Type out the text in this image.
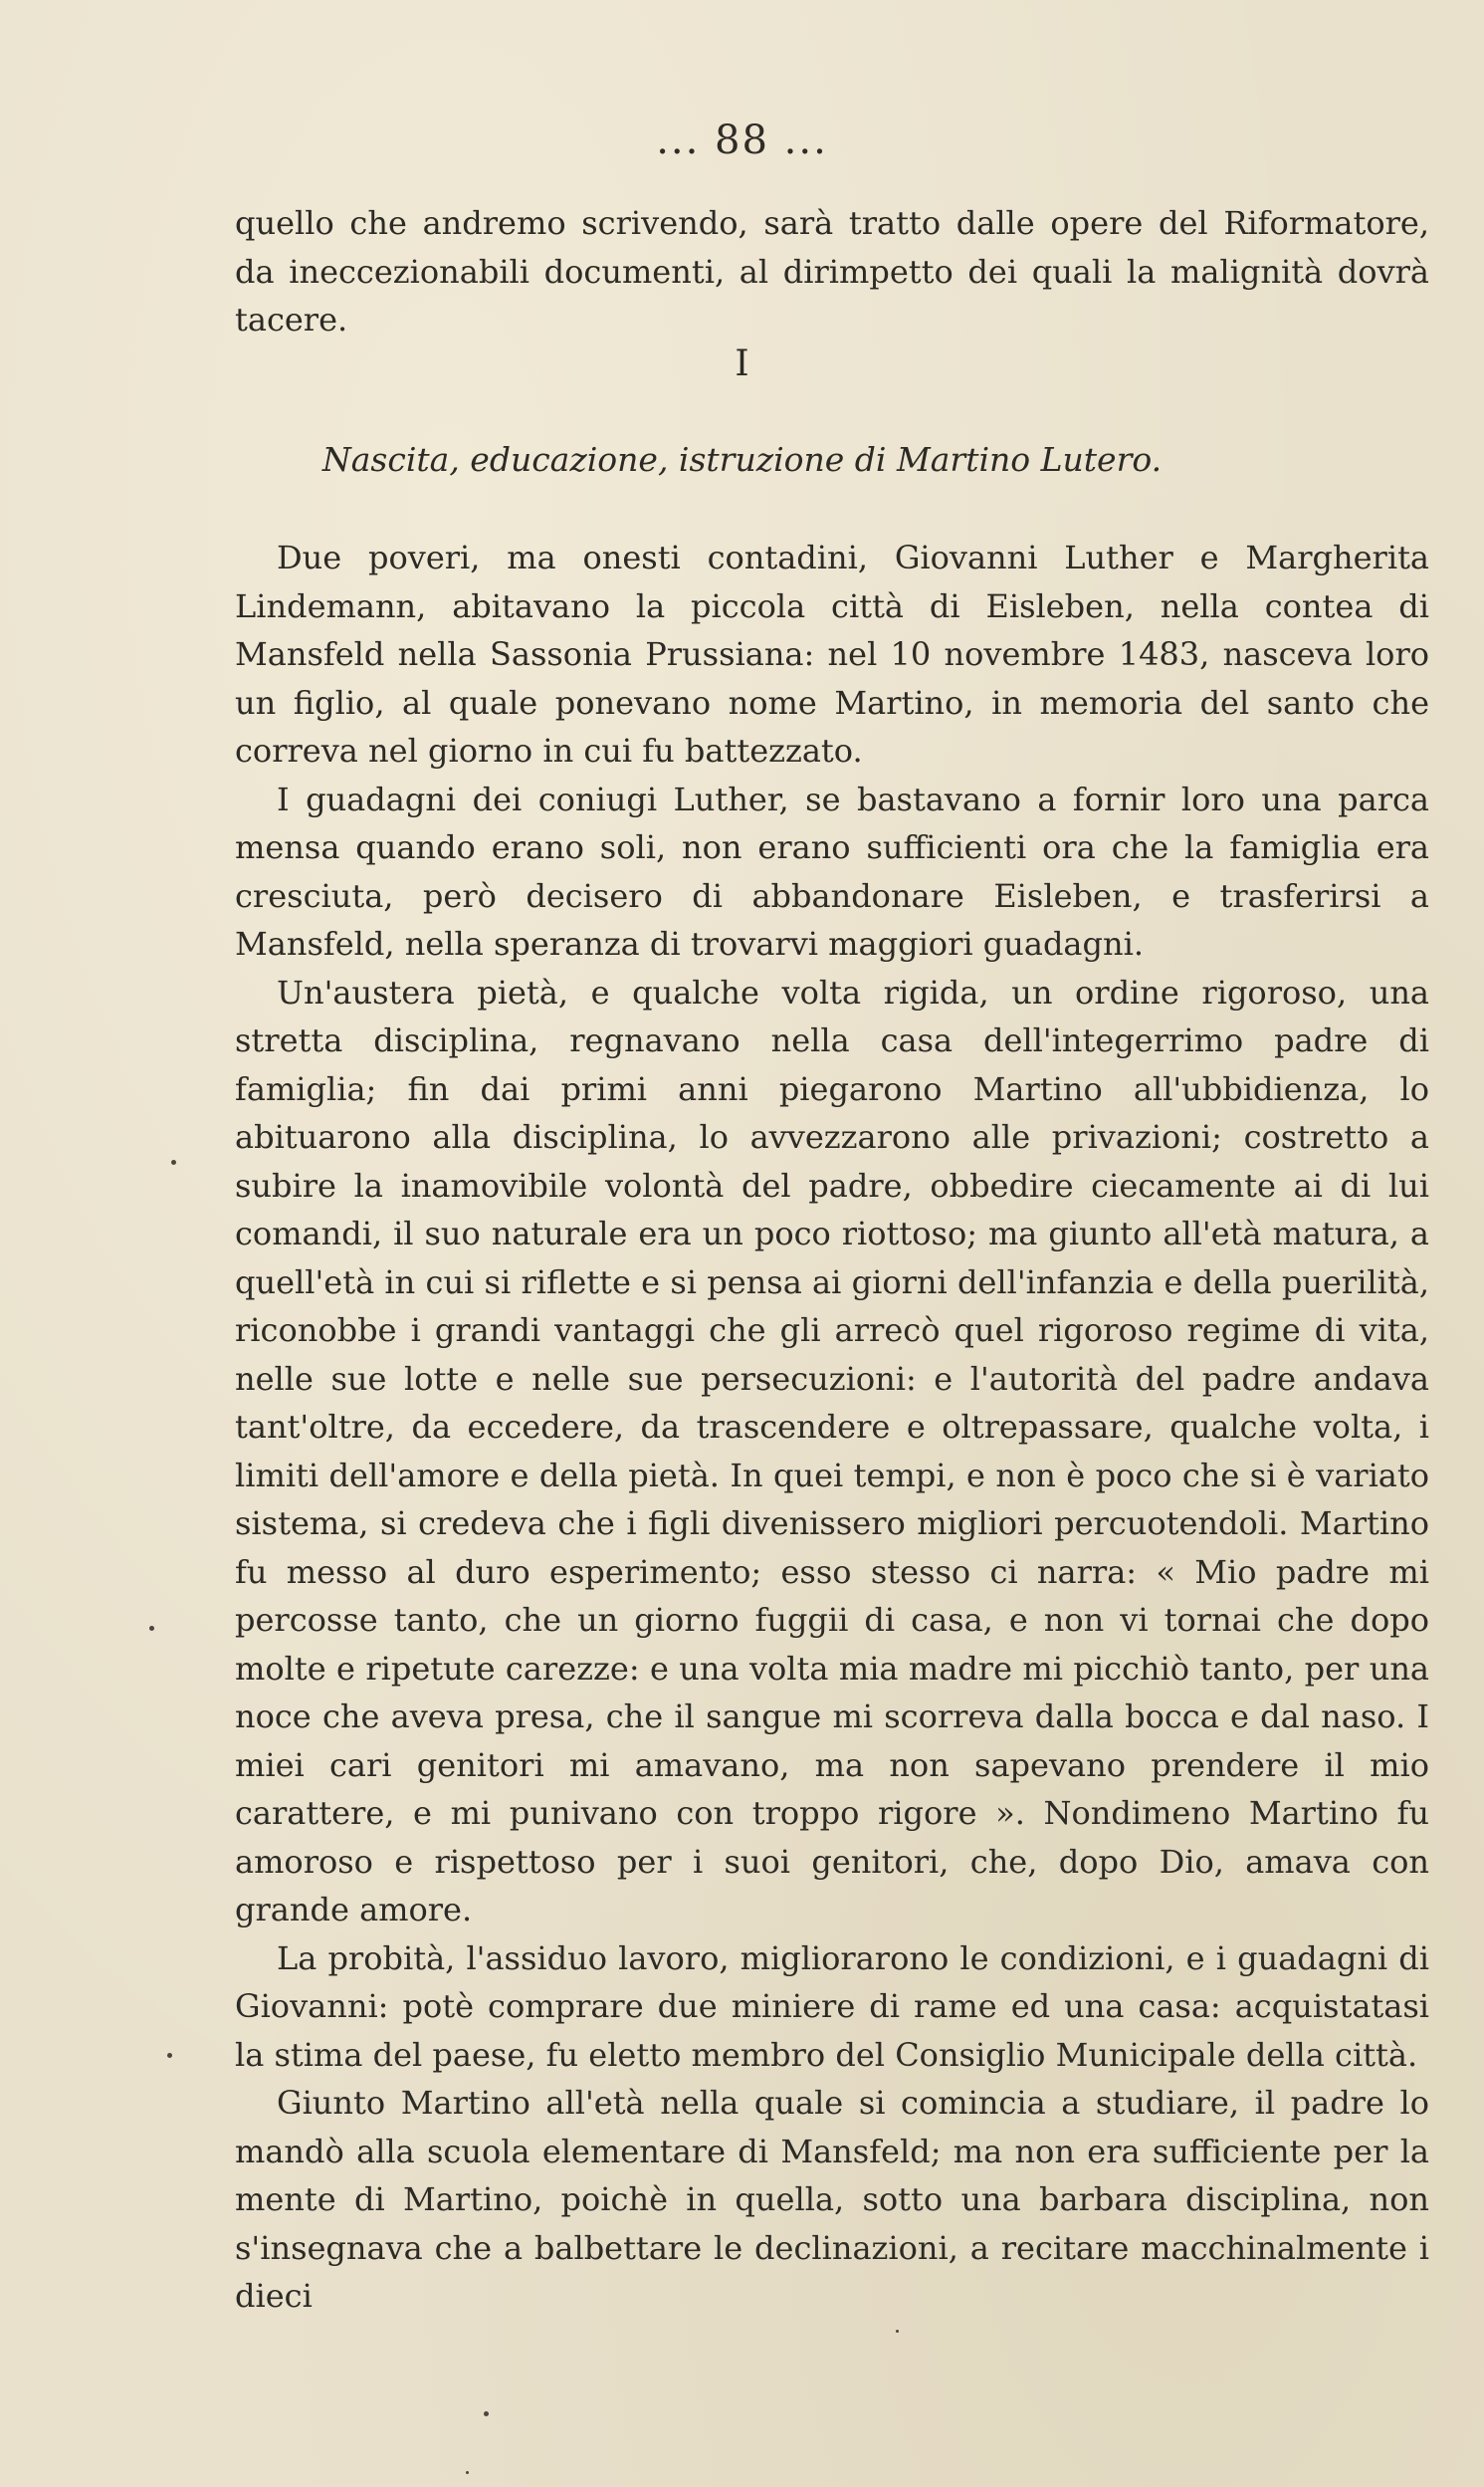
... 88 ...

quello che andremo scrivendo, sarà tratto dalle opere del Riformatore, da ineccezionabili documenti, al dirimpetto dei quali la malignità dovrà tacere.

I
Nascita, educazione, istruzione di Martino Lutero.

Due poveri, ma onesti contadini, Giovanni Luther e Margherita Lindemann, abitavano la piccola città di Eisleben, nella contea di Mansfeld nella Sassonia Prussiana: nel 10 novembre 1483, nasceva loro un figlio, al quale ponevano nome Martino, in memoria del santo che correva nel giorno in cui fu battezzato.

I guadagni dei coniugi Luther, se bastavano a fornir loro una parca mensa quando erano soli, non erano sufficienti ora che la famiglia era cresciuta, però decisero di abbandonare Eisleben, e trasferirsi a Mansfeld, nella speranza di trovarvi maggiori guadagni.

Un'austera pietà, e qualche volta rigida, un ordine rigoroso, una stretta disciplina, regnavano nella casa dell'integerrimo padre di famiglia; fin dai primi anni piegarono Martino all'ubbidienza, lo abituarono alla disciplina, lo avvezzarono alle privazioni; costretto a subire la inamovibile volontà del padre, obbedire ciecamente ai di lui comandi, il suo naturale era un poco riottoso; ma giunto all'età matura, a quell'età in cui si riflette e si pensa ai giorni dell'infanzia e della puerilità, riconobbe i grandi vantaggi che gli arrecò quel rigoroso regime di vita, nelle sue lotte e nelle sue persecuzioni: e l'autorità del padre andava tant'oltre, da eccedere, da trascendere e oltrepassare, qualche volta, i limiti dell'amore e della pietà. In quei tempi, e non è poco che si è variato sistema, si credeva che i figli divenissero migliori percuotendoli. Martino fu messo al duro esperimento; esso stesso ci narra: « Mio padre mi percosse tanto, che un giorno fuggii di casa, e non vi tornai che dopo molte e ripetute carezze: e una volta mia madre mi picchiò tanto, per una noce che aveva presa, che il sangue mi scorreva dalla bocca e dal naso. I miei cari genitori mi amavano, ma non sapevano prendere il mio carattere, e mi punivano con troppo rigore ». Nondimeno Martino fu amoroso e rispettoso per i suoi genitori, che, dopo Dio, amava con grande amore.

La probità, l'assiduo lavoro, migliorarono le condizioni, e i guadagni di Giovanni: potè comprare due miniere di rame ed una casa: acquistatasi la stima del paese, fu eletto membro del Consiglio Municipale della città.

Giunto Martino all'età nella quale si comincia a studiare, il padre lo mandò alla scuola elementare di Mansfeld; ma non era sufficiente per la mente di Martino, poichè in quella, sotto una barbara disciplina, non s'insegnava che a balbettare le declinazioni, a recitare macchinalmente i dieci
